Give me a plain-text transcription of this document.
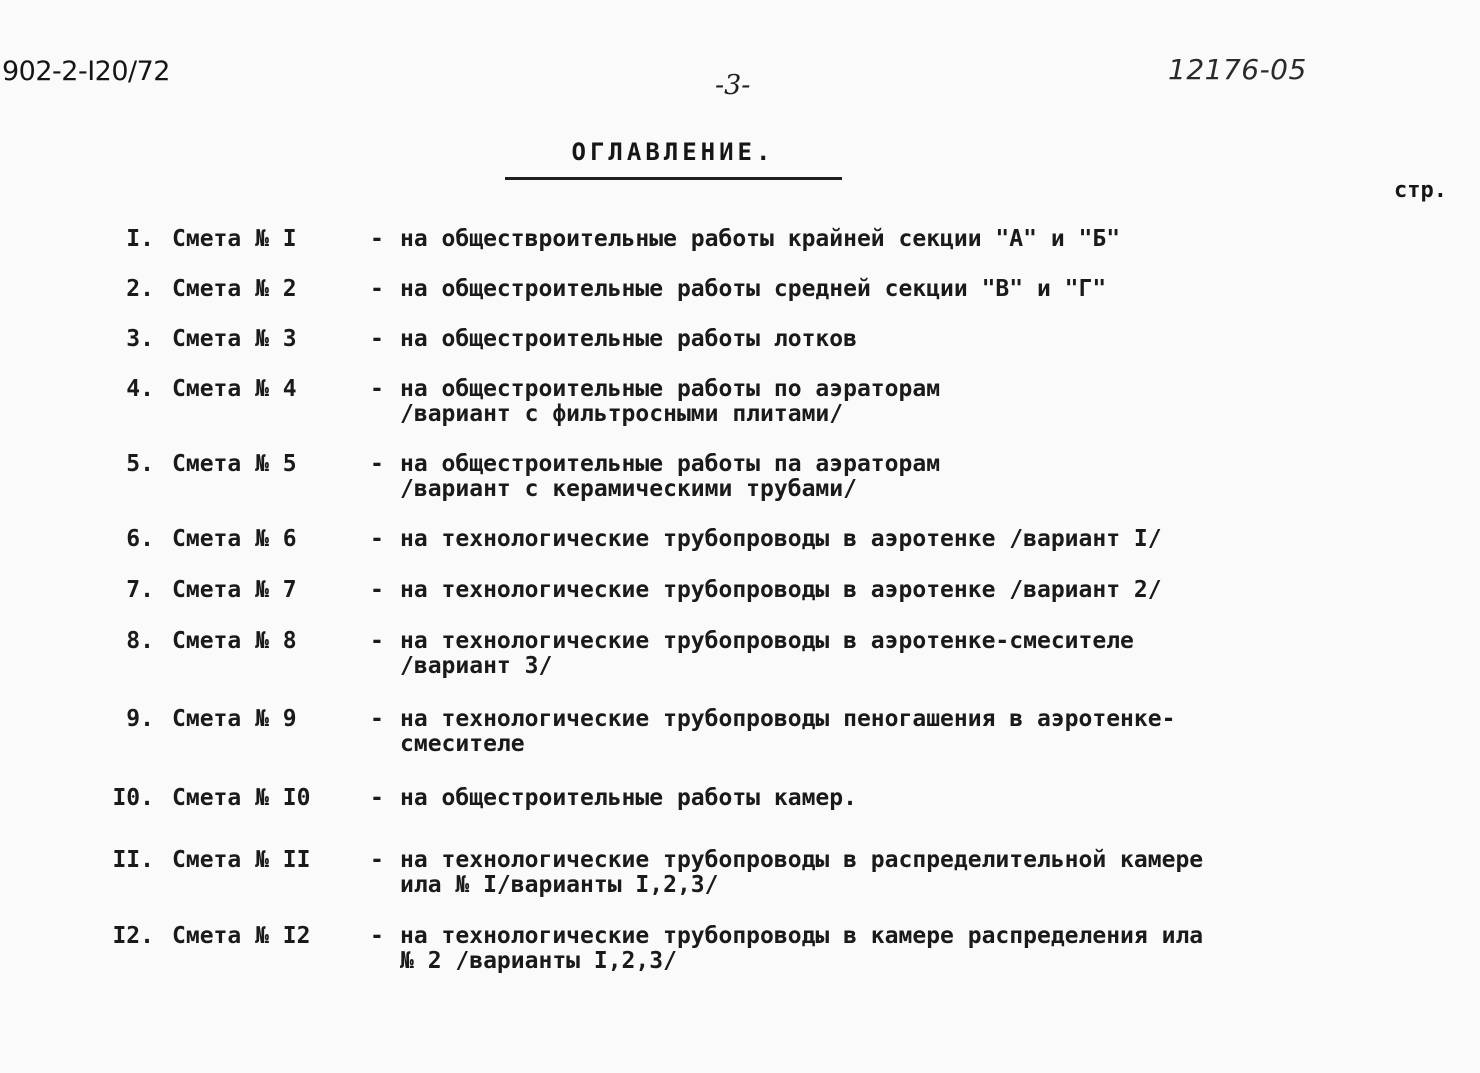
902-2-I20/72	-3-	12176-05
ОГЛАВЛЕНИЕ.
стр.
I. Смета № I	- на обществроительные работы крайней секции "А" и "Б"
2. Смета № 2	- на общестроительные работы средней секции "В" и "Г"
3. Смета № 3	- на общестроительные работы лотков
4. Смета № 4	- на общестроительные работы по аэраторам
/вариант с фильтросными плитами/
5. Смета № 5	- на общестроительные работы па аэраторам
/вариант с керамическими трубами/
6. Смета № 6	- на технологические трубопроводы в аэротенке /вариант I/
7. Смета № 7	- на технологические трубопроводы в аэротенке /вариант 2/
8. Смета № 8	- на технологические трубопроводы в аэротенке-смесителе
/вариант 3/
9. Смета № 9	- на технологические трубопроводы пеногашения в аэротенке-
смесителе
I0. Смета № I0	- на общестроительные работы камер.
II. Смета № II	- на технологические трубопроводы в распределительной камере
ила № I/варианты I,2,3/
I2. Смета № I2	- на технологические трубопроводы в камере распределения ила
№ 2 /варианты I,2,3/
